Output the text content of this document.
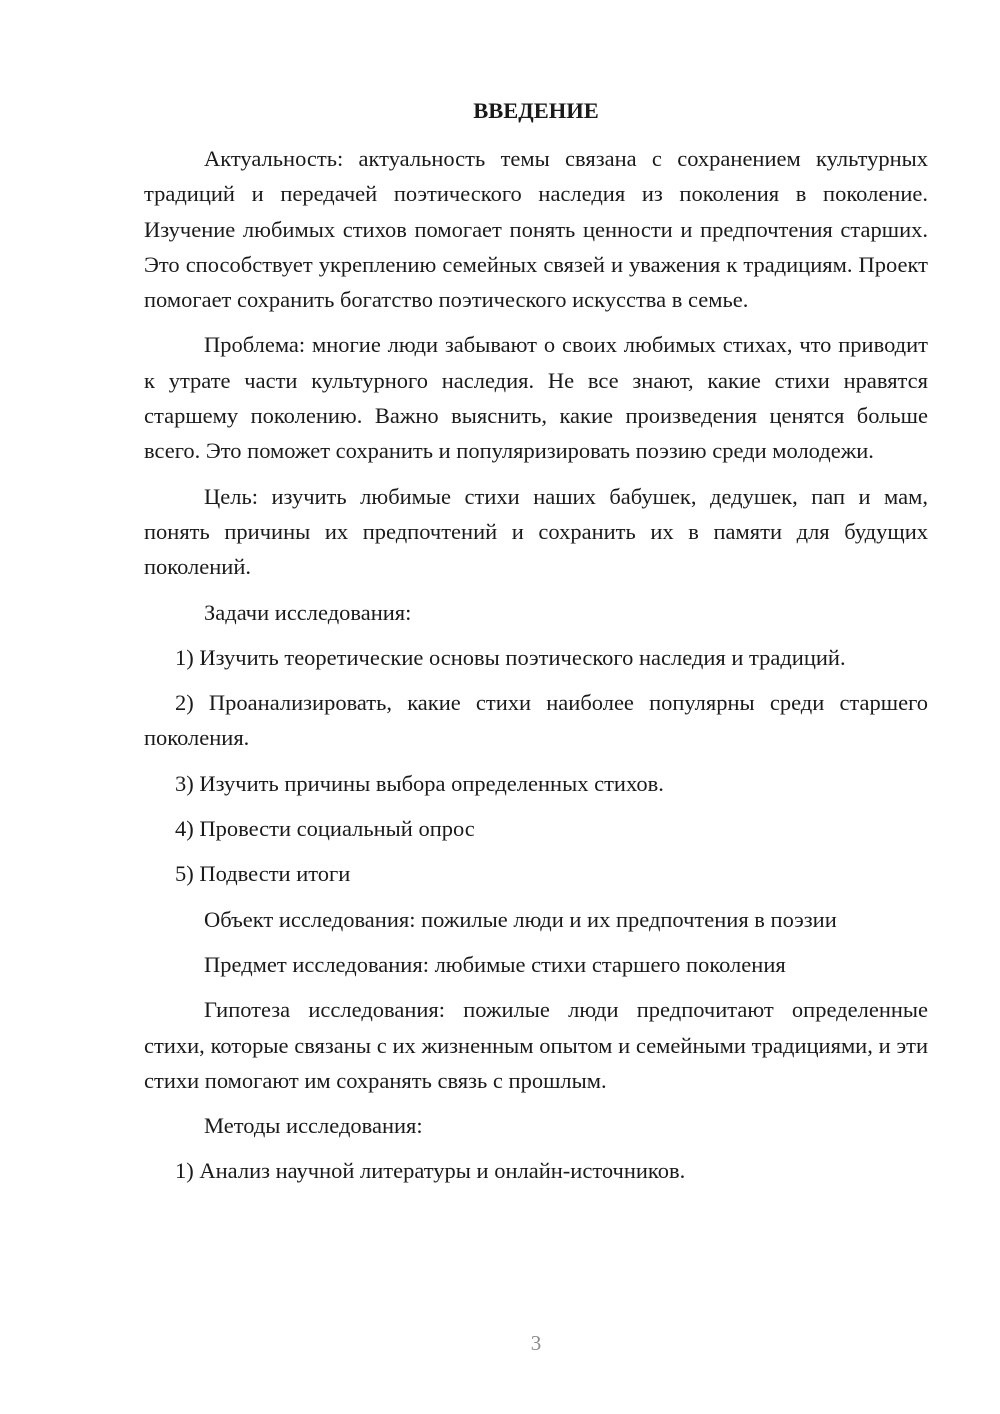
ВВЕДЕНИЕ

Актуальность: актуальность темы связана с сохранением культурных традиций и передачей поэтического наследия из поколения в поколение. Изучение любимых стихов помогает понять ценности и предпочтения старших. Это способствует укреплению семейных связей и уважения к традициям. Проект помогает сохранить богатство поэтического искусства в семье.

Проблема: многие люди забывают о своих любимых стихах, что приводит к утрате части культурного наследия. Не все знают, какие стихи нравятся старшему поколению. Важно выяснить, какие произведения ценятся больше всего. Это поможет сохранить и популяризировать поэзию среди молодежи.

Цель: изучить любимые стихи наших бабушек, дедушек, пап и мам, понять причины их предпочтений и сохранить их в памяти для будущих поколений.

Задачи исследования:

1) Изучить теоретические основы поэтического наследия и традиций.

2) Проанализировать, какие стихи наиболее популярны среди старшего поколения.

3) Изучить причины выбора определенных стихов.

4) Провести социальный опрос

5) Подвести итоги

Объект исследования: пожилые люди и их предпочтения в поэзии

Предмет исследования: любимые стихи старшего поколения

Гипотеза исследования: пожилые люди предпочитают определенные стихи, которые связаны с их жизненным опытом и семейными традициями, и эти стихи помогают им сохранять связь с прошлым.

Методы исследования:

1) Анализ научной литературы и онлайн-источников.

3
